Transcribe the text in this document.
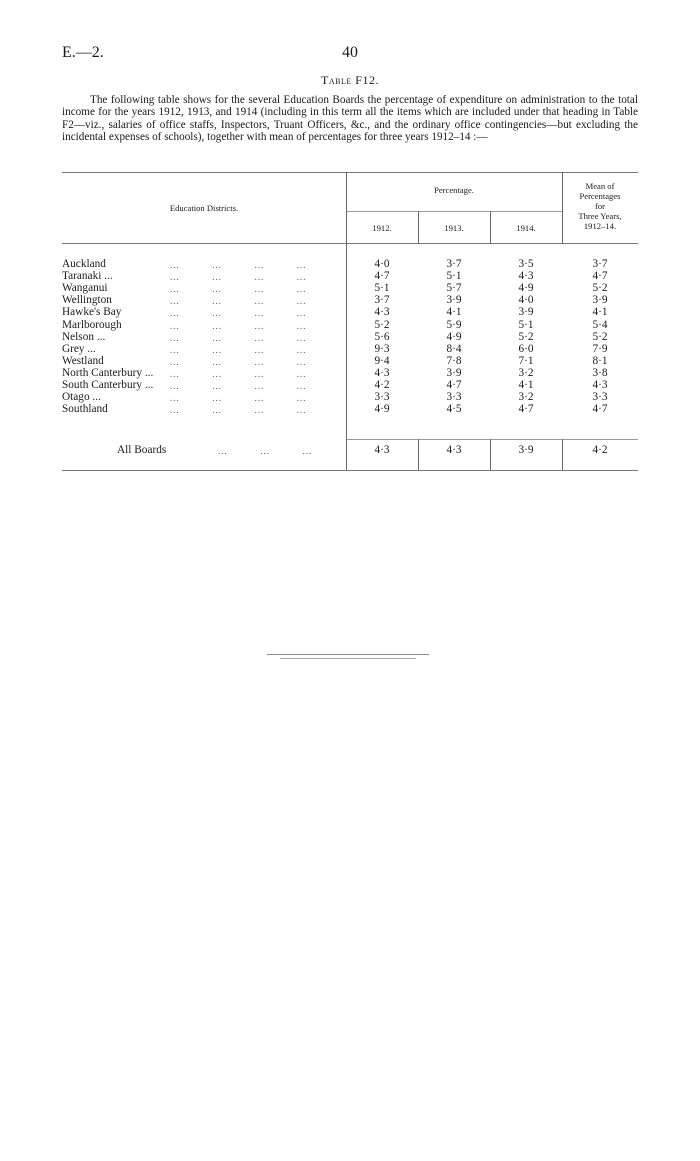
E.—2.	40
Table F12.

The following table shows for the several Education Boards the percentage of expenditure on administration to the total income for the years 1912, 1913, and 1914 (including in this term all the items which are included under that heading in Table F2—viz., salaries of office staffs, Inspectors, Truant Officers, &c., and the ordinary office contingencies—but excluding the incidental expenses of schools), together with mean of percentages for three years 1912–14 :—

Education Districts.
Percentage.
1912.	1913.	1914.
Mean of
Percentages
for
Three Years,
1912–14.
Auckland	...          ...          ...          ...	4·0	3·7	3·5	3·7
Taranaki ...	...          ...          ...          ...	4·7	5·1	4·3	4·7
Wanganui	...          ...          ...          ...	5·1	5·7	4·9	5·2
Wellington	...          ...          ...          ...	3·7	3·9	4·0	3·9
Hawke's Bay	...          ...          ...          ...	4·3	4·1	3·9	4·1
Marlborough	...          ...          ...          ...	5·2	5·9	5·1	5·4
Nelson ...	...          ...          ...          ...	5·6	4·9	5·2	5·2
Grey ...	...          ...          ...          ...	9·3	8·4	6·0	7·9
Westland	...          ...          ...          ...	9·4	7·8	7·1	8·1
North Canterbury ... ...          ...          ...          ...	4·3	3·9	3·2	3·8
South Canterbury ... ...          ...          ...          ...	4·2	4·7	4·1	4·3
Otago ...	...          ...          ...          ...	3·3	3·3	3·2	3·3
Southland	...          ...          ...          ...	4·9	4·5	4·7	4·7
All Boards	...          ...          ...	4·3	4·3	3·9	4·2
